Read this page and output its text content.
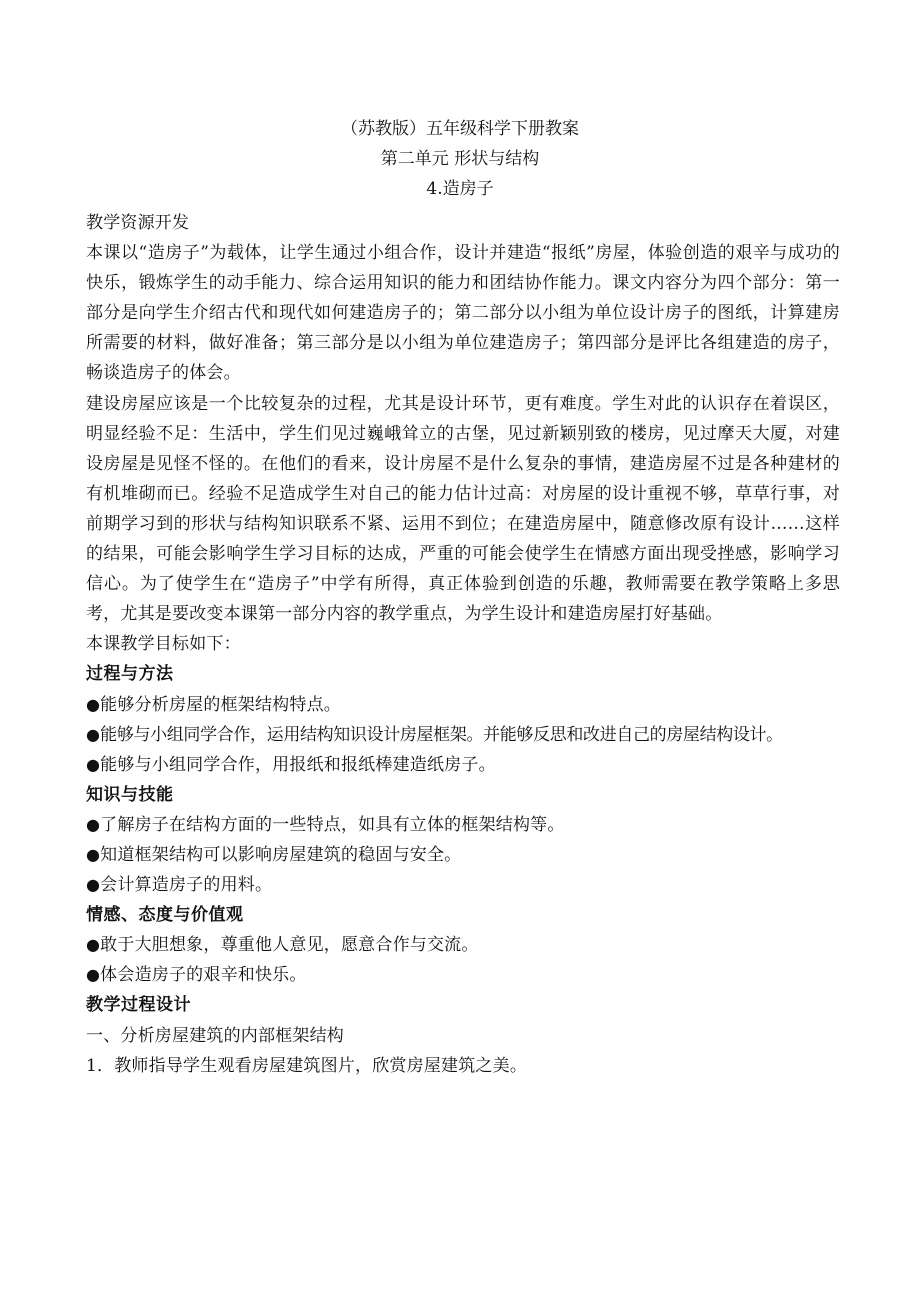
（苏教版）五年级科学下册教案
第二单元 形状与结构
4.造房子

教学资源开发

本课以“造房子”为载体，让学生通过小组合作，设计并建造“报纸”房屋，体验创造的艰辛与成功的快乐，锻炼学生的动手能力、综合运用知识的能力和团结协作能力。课文内容分为四个部分：第一部分是向学生介绍古代和现代如何建造房子的；第二部分以小组为单位设计房子的图纸，计算建房所需要的材料，做好准备；第三部分是以小组为单位建造房子；第四部分是评比各组建造的房子，畅谈造房子的体会。

建设房屋应该是一个比较复杂的过程，尤其是设计环节，更有难度。学生对此的认识存在着误区，明显经验不足：生活中，学生们见过巍峨耸立的古堡，见过新颖别致的楼房，见过摩天大厦，对建设房屋是见怪不怪的。在他们的看来，设计房屋不是什么复杂的事情，建造房屋不过是各种建材的有机堆砌而已。经验不足造成学生对自己的能力估计过高：对房屋的设计重视不够，草草行事，对前期学习到的形状与结构知识联系不紧、运用不到位；在建造房屋中，随意修改原有设计……这样的结果，可能会影响学生学习目标的达成，严重的可能会使学生在情感方面出现受挫感，影响学习信心。为了使学生在“造房子”中学有所得，真正体验到创造的乐趣，教师需要在教学策略上多思考，尤其是要改变本课第一部分内容的教学重点，为学生设计和建造房屋打好基础。

本课教学目标如下：

过程与方法

●能够分析房屋的框架结构特点。

●能够与小组同学合作，运用结构知识设计房屋框架。并能够反思和改进自己的房屋结构设计。

●能够与小组同学合作，用报纸和报纸棒建造纸房子。

知识与技能

●了解房子在结构方面的一些特点，如具有立体的框架结构等。

●知道框架结构可以影响房屋建筑的稳固与安全。

●会计算造房子的用料。

情感、态度与价值观

●敢于大胆想象，尊重他人意见，愿意合作与交流。

●体会造房子的艰辛和快乐。

教学过程设计

一、分析房屋建筑的内部框架结构

1．教师指导学生观看房屋建筑图片，欣赏房屋建筑之美。
